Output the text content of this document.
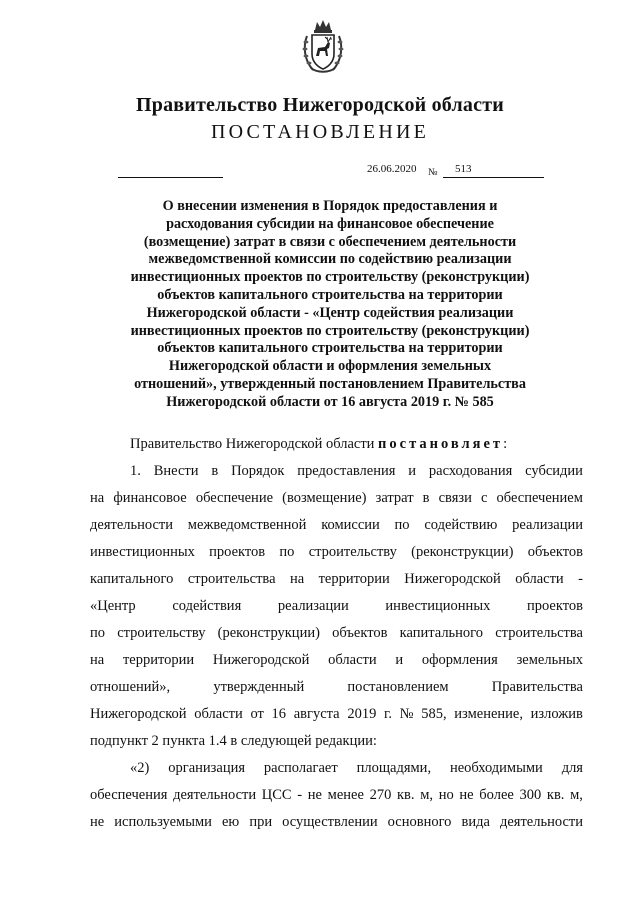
Правительство Нижегородской области
ПОСТАНОВЛЕНИЕ
26.06.2020 № 513
О внесении изменения в Порядок предоставления и
расходования субсидии на финансовое обеспечение
(возмещение) затрат в связи с обеспечением деятельности
межведомственной комиссии по содействию реализации
инвестиционных проектов по строительству (реконструкции)
объектов капитального строительства на территории
Нижегородской области - «Центр содействия реализации
инвестиционных проектов по строительству (реконструкции)
объектов капитального строительства на территории
Нижегородской области и оформления земельных
отношений», утвержденный постановлением Правительства
Нижегородской области от 16 августа 2019 г. № 585
Правительство Нижегородской области постановляет:
1. Внести в Порядок предоставления и расходования субсидии
на финансовое обеспечение (возмещение) затрат в связи с обеспечением
деятельности межведомственной комиссии по содействию реализации
инвестиционных проектов по строительству (реконструкции) объектов
капитального строительства на территории Нижегородской области -
«Центр	содействия	реализации	инвестиционных	проектов
по строительству (реконструкции) объектов капитального строительства
на территории Нижегородской области и оформления земельных
отношений»,	утвержденный	постановлением	Правительства
Нижегородской области от 16 августа 2019 г. № 585, изменение, изложив
подпункт 2 пункта 1.4 в следующей редакции:
«2) организация располагает площадями, необходимыми для
обеспечения деятельности ЦСС - не менее 270 кв. м, но не более 300 кв. м,
не используемыми ею при осуществлении основного вида деятельности
